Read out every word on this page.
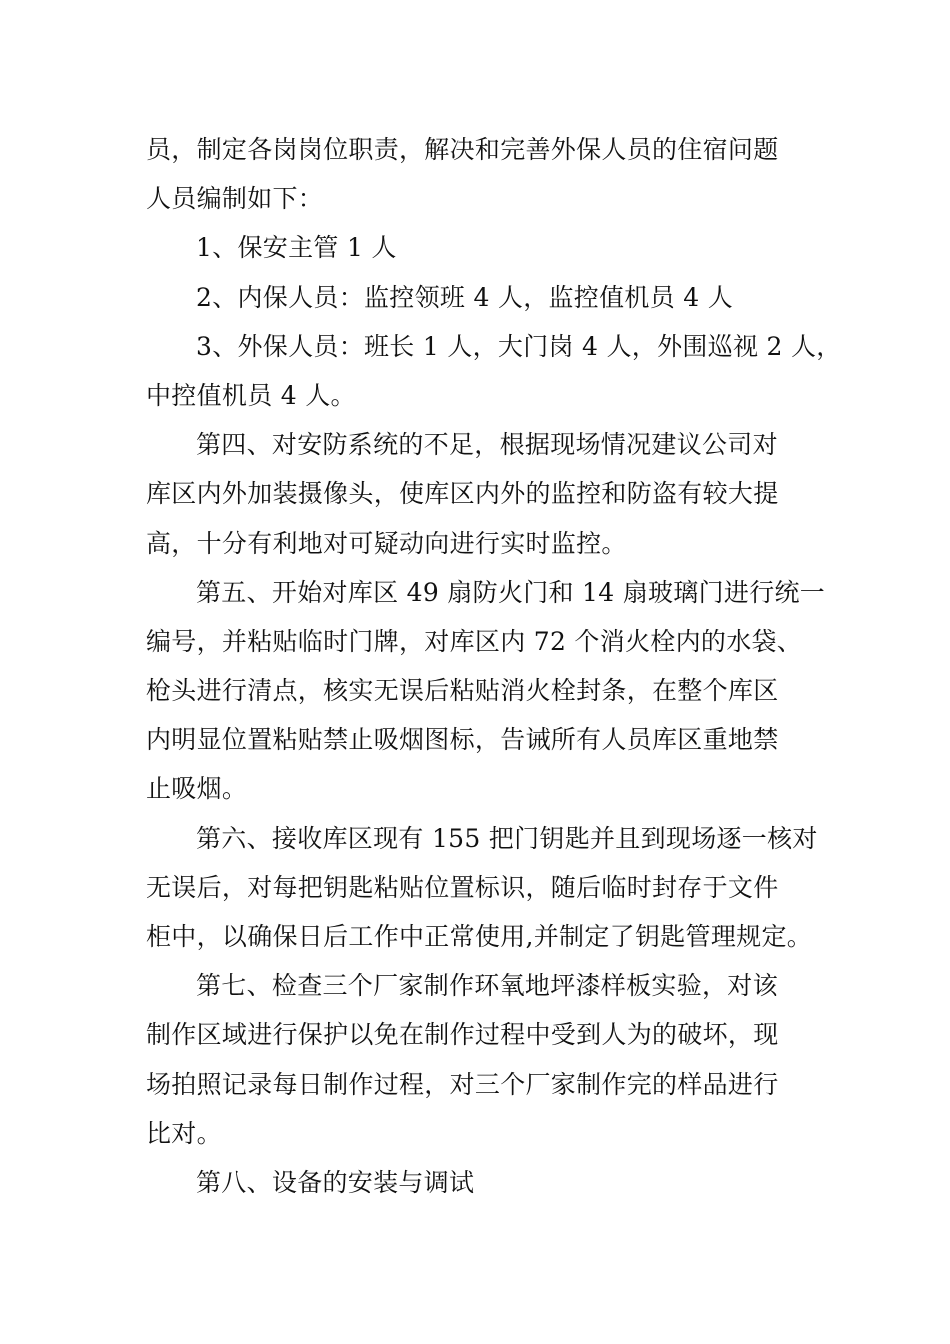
员，制定各岗岗位职责，解决和完善外保人员的住宿问题
人员编制如下：
1、保安主管 1 人
2、内保人员：监控领班 4 人，监控值机员 4 人
3、外保人员：班长 1 人，大门岗 4 人，外围巡视 2 人，
中控值机员 4 人。
第四、对安防系统的不足，根据现场情况建议公司对
库区内外加装摄像头，使库区内外的监控和防盗有较大提
高，十分有利地对可疑动向进行实时监控。
第五、开始对库区 49 扇防火门和 14 扇玻璃门进行统一
编号，并粘贴临时门牌，对库区内 72 个消火栓内的水袋、
枪头进行清点，核实无误后粘贴消火栓封条，在整个库区
内明显位置粘贴禁止吸烟图标，告诫所有人员库区重地禁
止吸烟。
第六、接收库区现有 155 把门钥匙并且到现场逐一核对
无误后，对每把钥匙粘贴位置标识，随后临时封存于文件
柜中，以确保日后工作中正常使用,并制定了钥匙管理规定。
第七、检查三个厂家制作环氧地坪漆样板实验，对该
制作区域进行保护以免在制作过程中受到人为的破坏，现
场拍照记录每日制作过程，对三个厂家制作完的样品进行
比对。
第八、设备的安装与调试
